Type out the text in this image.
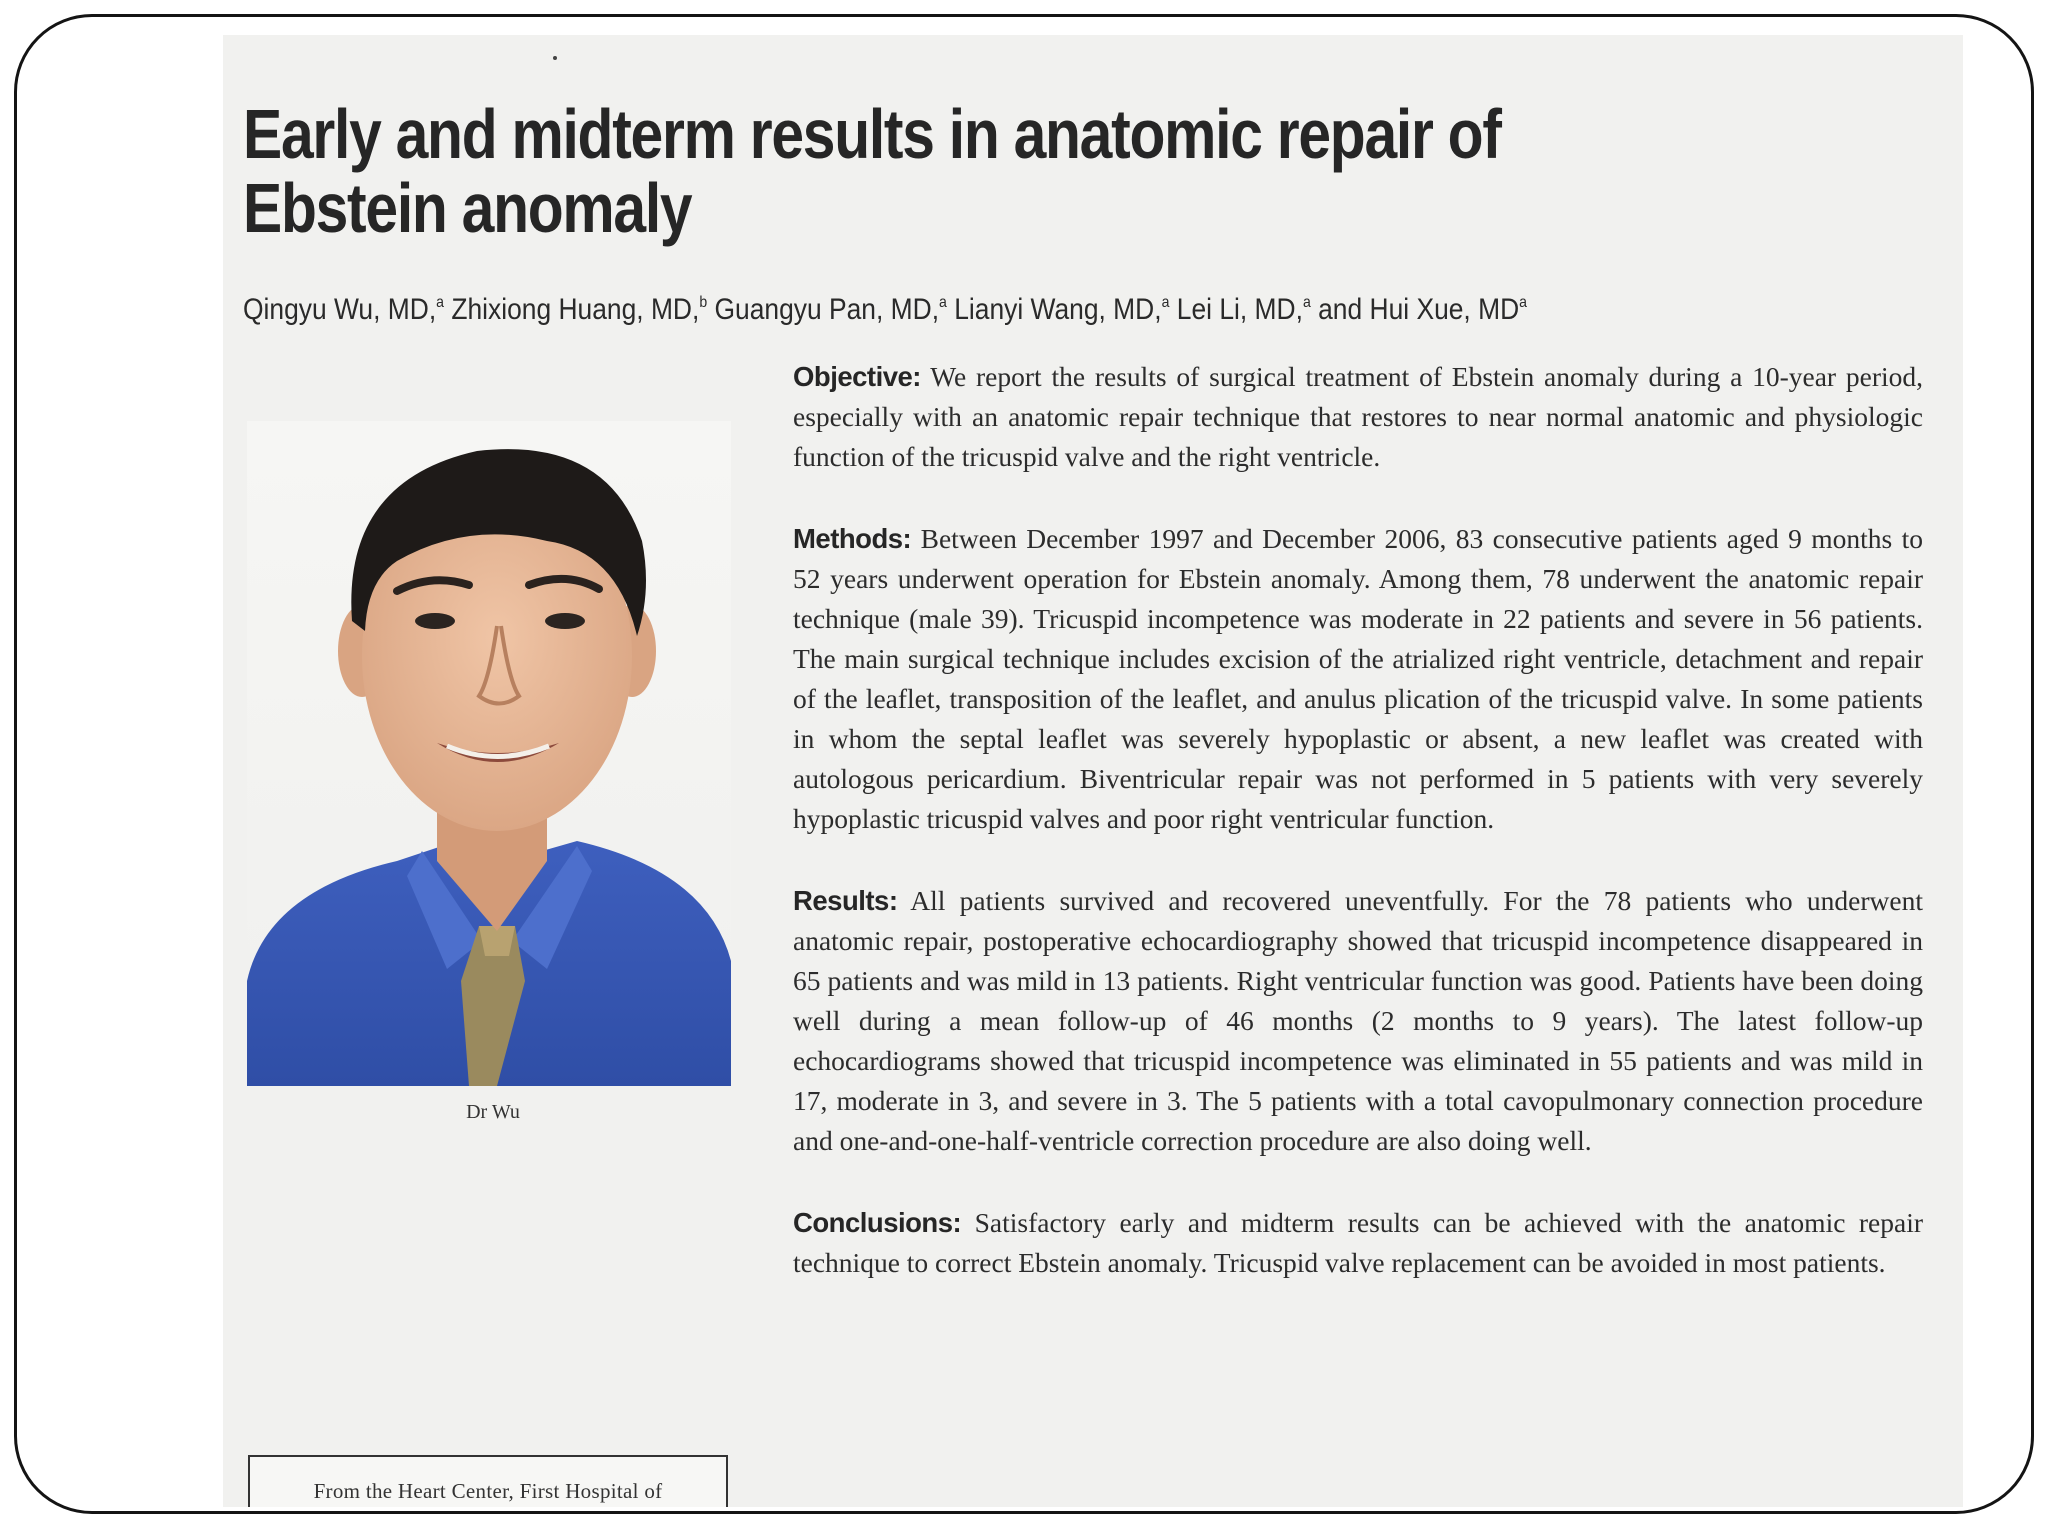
Early and midterm results in anatomic repair of Ebstein anomaly
Qingyu Wu, MD,$^a$ Zhixiong Huang, MD,$^b$ Guangyu Pan, MD,$^a$ Lianyi Wang, MD,$^a$ Lei Li, MD,$^a$ and Hui Xue, $MD^a$
Dr Wu
From the Heart Center, First Hospital of

Objective: We report the results of surgical treatment of Ebstein anomaly during a 10-year period, especially with an anatomic repair technique that restores to near normal anatomic and physiologic function of the tricuspid valve and the right ventricle.

Methods: Between December 1997 and December 2006, 83 consecutive patients aged 9 months to 52 years underwent operation for Ebstein anomaly. Among them, 78 underwent the anatomic repair technique (male 39). Tricuspid incompetence was moderate in 22 patients and severe in 56 patients. The main surgical technique includes excision of the atrialized right ventricle, detachment and repair of the leaflet, transposition of the leaflet, and anulus plication of the tricuspid valve. In some patients in whom the septal leaflet was severely hypoplastic or absent, a new leaflet was created with autologous pericardium. Biventricular repair was not performed in 5 patients with very severely hypoplastic tricuspid valves and poor right ventricular function.

Results: All patients survived and recovered uneventfully. For the 78 patients who underwent anatomic repair, postoperative echocardiography showed that tricuspid incompetence disappeared in 65 patients and was mild in 13 patients. Right ventricular function was good. Patients have been doing well during a mean follow-up of 46 months (2 months to 9 years). The latest follow-up echocardiograms showed that tricuspid incompetence was eliminated in 55 patients and was mild in 17, moderate in 3, and severe in 3. The 5 patients with a total cavopulmonary connection procedure and one-and-one-half-ventricle correction procedure are also doing well.

Conclusions: Satisfactory early and midterm results can be achieved with the anatomic repair technique to correct Ebstein anomaly. Tricuspid valve replacement can be avoided in most patients.
